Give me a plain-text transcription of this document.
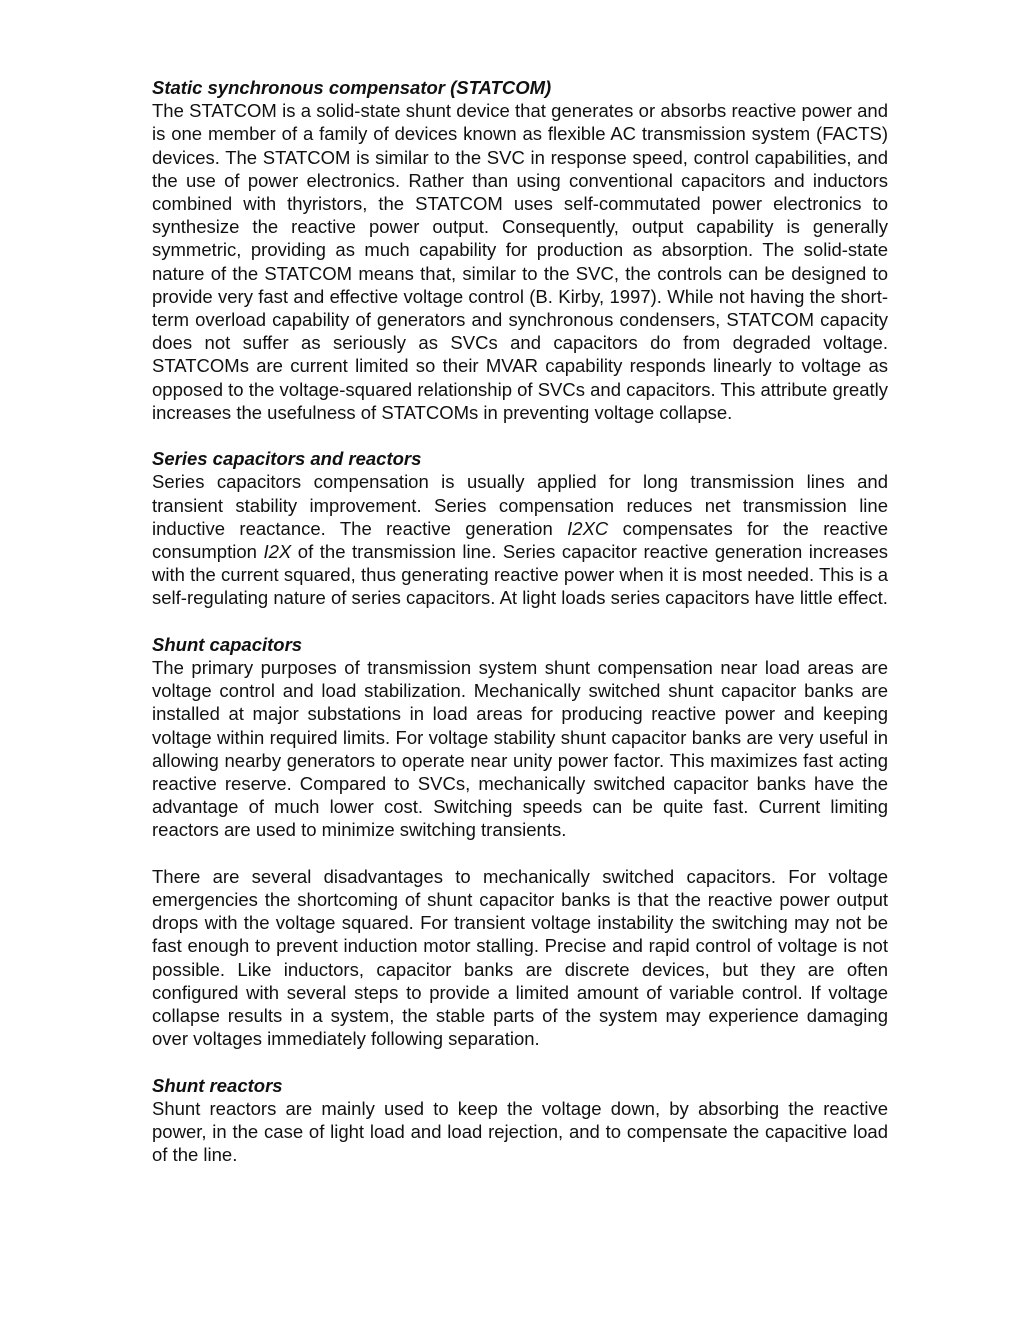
Static synchronous compensator (STATCOM)

The STATCOM is a solid-state shunt device that generates or absorbs reactive power and is one member of a family of devices known as flexible AC transmission system (FACTS) devices. The STATCOM is similar to the SVC in response speed, control capabilities, and the use of power electronics. Rather than using conventional capacitors and inductors combined with thyristors, the STATCOM uses self-commutated power electronics to synthesize the reactive power output. Consequently, output capability is generally symmetric, providing as much capability for production as absorption. The solid-state nature of the STATCOM means that, similar to the SVC, the controls can be designed to provide very fast and effective voltage control (B. Kirby, 1997). While not having the short-term overload capability of generators and synchronous condensers, STATCOM capacity does not suffer as seriously as SVCs and capacitors do from degraded voltage. STATCOMs are current limited so their MVAR capability responds linearly to voltage as opposed to the voltage-squared relationship of SVCs and capacitors. This attribute greatly increases the usefulness of STATCOMs in preventing voltage collapse.

Series capacitors and reactors

Series capacitors compensation is usually applied for long transmission lines and transient stability improvement. Series compensation reduces net transmission line inductive reactance. The reactive generation I2XC compensates for the reactive consumption I2X of the transmission line. Series capacitor reactive generation increases with the current squared, thus generating reactive power when it is most needed. This is a self-regulating nature of series capacitors. At light loads series capacitors have little effect.

Shunt capacitors

The primary purposes of transmission system shunt compensation near load areas are voltage control and load stabilization. Mechanically switched shunt capacitor banks are installed at major substations in load areas for producing reactive power and keeping voltage within required limits. For voltage stability shunt capacitor banks are very useful in allowing nearby generators to operate near unity power factor. This maximizes fast acting reactive reserve. Compared to SVCs, mechanically switched capacitor banks have the advantage of much lower cost. Switching speeds can be quite fast. Current limiting reactors are used to minimize switching transients.

There are several disadvantages to mechanically switched capacitors. For voltage emergencies the shortcoming of shunt capacitor banks is that the reactive power output drops with the voltage squared. For transient voltage instability the switching may not be fast enough to prevent induction motor stalling. Precise and rapid control of voltage is not possible. Like inductors, capacitor banks are discrete devices, but they are often configured with several steps to provide a limited amount of variable control. If voltage collapse results in a system, the stable parts of the system may experience damaging over voltages immediately following separation.

Shunt reactors

Shunt reactors are mainly used to keep the voltage down, by absorbing the reactive power, in the case of light load and load rejection, and to compensate the capacitive load of the line.
